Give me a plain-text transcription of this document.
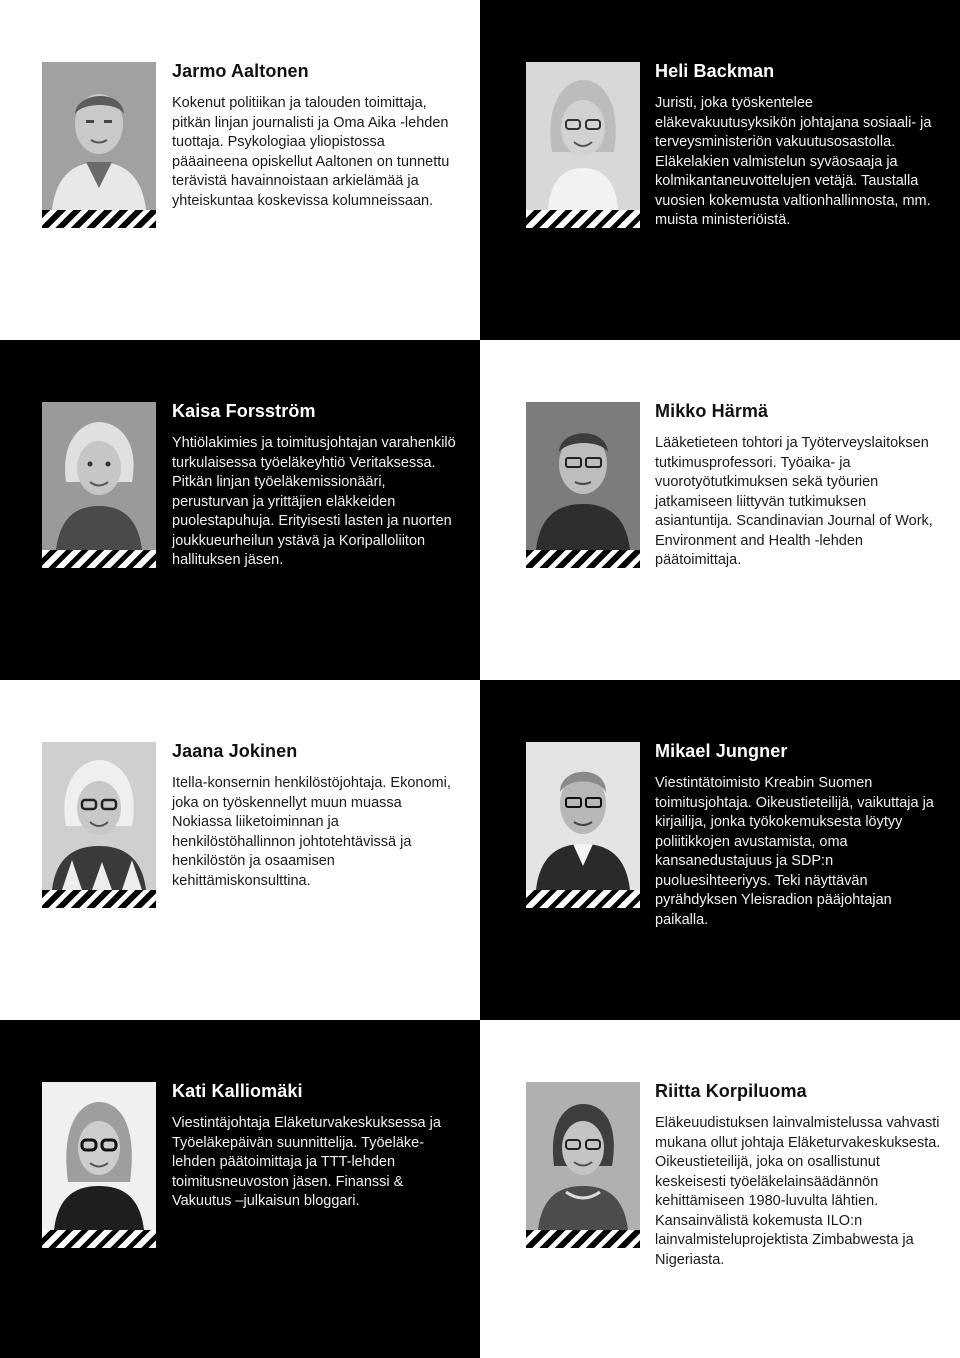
Jarmo Aaltonen

Kokenut politiikan ja talouden toimittaja, pitkän linjan journalisti ja Oma Aika -lehden tuottaja. Psykologiaa yliopistossa pääaineena opiskellut Aaltonen on tunnettu terävistä havainnoistaan arkielämää ja yhteiskuntaa koskevissa kolumneissaan.

Heli Backman

Juristi, joka työskentelee eläkevakuutusyksikön johtajana sosiaali- ja terveysministeriön vakuutusosastolla. Eläkelakien valmistelun syväosaaja ja kolmikantaneuvottelujen vetäjä. Taustalla vuosien kokemusta valtionhallinnosta, mm. muista ministeriöistä.

Kaisa Forsström

Yhtiölakimies ja toimitusjohtajan varahenkilö turkulaisessa työeläkeyhtiö Veritaksessa. Pitkän linjan työeläkemissionääri, perusturvan ja yrittäjien eläkkeiden puolestapuhuja. Erityisesti lasten ja nuorten joukkueurheilun ystävä ja Koripalloliiton hallituksen jäsen.

Mikko Härmä

Lääketieteen tohtori ja Työterveyslaitoksen tutkimusprofessori. Työaika- ja vuorotyötutkimuksen sekä työurien jatkamiseen liittyvän tutkimuksen asiantuntija. Scandinavian Journal of Work, Environment and Health -lehden päätoimittaja.

Jaana Jokinen

Itella-konsernin henkilöstöjohtaja. Ekonomi, joka on työskennellyt muun muassa Nokiassa liiketoiminnan ja henkilöstöhallinnon johtotehtävissä ja henkilöstön ja osaamisen kehittämiskonsulttina.

Mikael Jungner

Viestintätoimisto Kreabin Suomen toimitusjohtaja. Oikeustieteilijä, vaikuttaja ja kirjailija, jonka työkokemuksesta löytyy poliitikkojen avustamista, oma kansanedustajuus ja SDP:n puoluesihteeriyys. Teki näyttävän pyrähdyksen Yleisradion pääjohtajan paikalla.

Kati Kalliomäki

Viestintäjohtaja Eläketurvakeskuksessa ja Työeläkepäivän suunnittelija. Työeläke-lehden päätoimittaja ja TTT-lehden toimitusneuvoston jäsen. Finanssi & Vakuutus –julkaisun bloggari.

Riitta Korpiluoma

Eläkeuudistuksen lainvalmistelussa vahvasti mukana ollut johtaja Eläketurvakeskuksesta. Oikeustieteilijä, joka on osallistunut keskeisesti työeläkelainsäädännön kehittämiseen 1980-luvulta lähtien. Kansainvälistä kokemusta ILO:n lainvalmisteluprojektista Zimbabwesta ja Nigeriasta.
